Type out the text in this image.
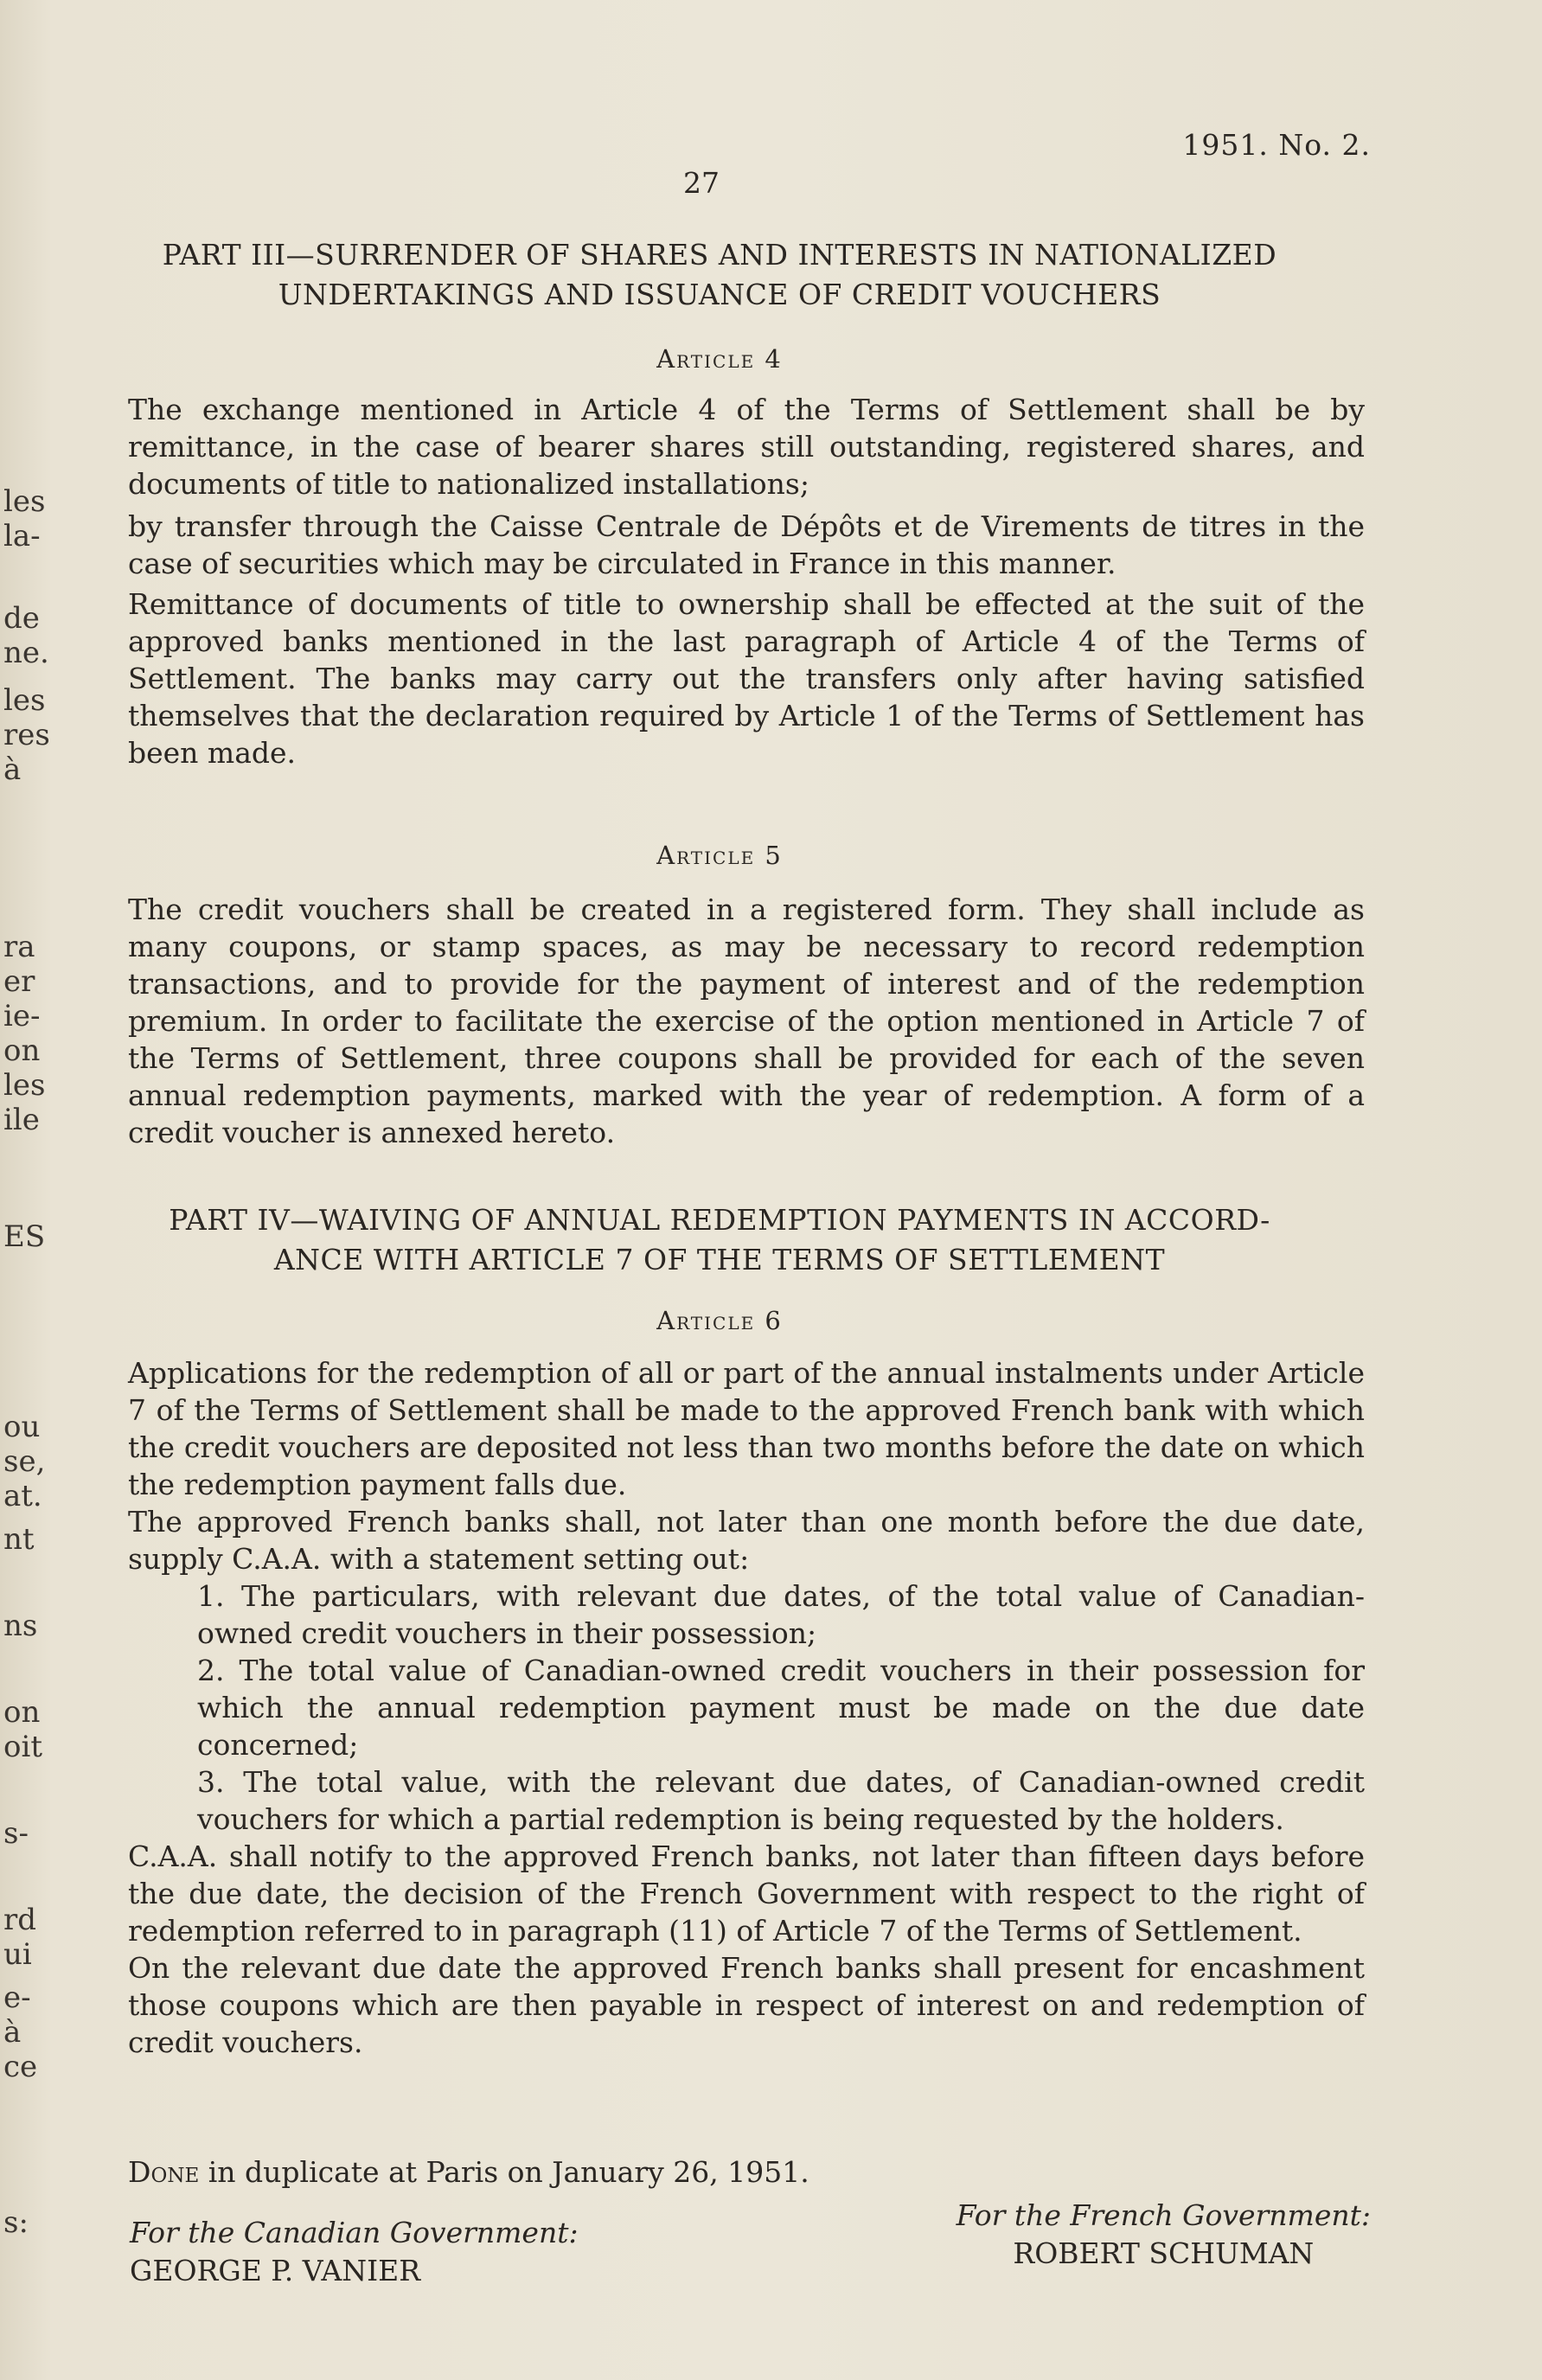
les
la-
de
ne.
les
res
à
ra
er
ie-
on
les
ile
ES
ou
se,
at.
nt
ns
on
oit
s-
rd
ui
e-
à
ce
s:
1951. No. 2.
27
PART III—SURRENDER OF SHARES AND INTERESTS IN NATIONALIZED
UNDERTAKINGS AND ISSUANCE OF CREDIT VOUCHERS
Article 4

The exchange mentioned in Article 4 of the Terms of Settlement shall be by remittance, in the case of bearer shares still outstanding, registered shares, and documents of title to nationalized installations;

by transfer through the Caisse Centrale de Dépôts et de Virements de titres in the case of securities which may be circulated in France in this manner.

Remittance of documents of title to ownership shall be effected at the suit of the approved banks mentioned in the last paragraph of Article 4 of the Terms of Settlement. The banks may carry out the transfers only after having satisfied themselves that the declaration required by Article 1 of the Terms of Settlement has been made.

Article 5

The credit vouchers shall be created in a registered form. They shall include as many coupons, or stamp spaces, as may be necessary to record redemption transactions, and to provide for the payment of interest and of the redemption premium. In order to facilitate the exercise of the option mentioned in Article 7 of the Terms of Settlement, three coupons shall be provided for each of the seven annual redemption payments, marked with the year of redemption. A form of a credit voucher is annexed hereto.

PART IV—WAIVING OF ANNUAL REDEMPTION PAYMENTS IN ACCORD-
ANCE WITH ARTICLE 7 OF THE TERMS OF SETTLEMENT
Article 6

Applications for the redemption of all or part of the annual instalments under Article 7 of the Terms of Settlement shall be made to the approved French bank with which the credit vouchers are deposited not less than two months before the date on which the redemption payment falls due.

The approved French banks shall, not later than one month before the due date, supply C.A.A. with a statement setting out:

1. The particulars, with relevant due dates, of the total value of Canadian-owned credit vouchers in their possession;

2. The total value of Canadian-owned credit vouchers in their possession for which the annual redemption payment must be made on the due date concerned;

3. The total value, with the relevant due dates, of Canadian-owned credit vouchers for which a partial redemption is being requested by the holders.

C.A.A. shall notify to the approved French banks, not later than fifteen days before the due date, the decision of the French Government with respect to the right of redemption referred to in paragraph (11) of Article 7 of the Terms of Settlement.

On the relevant due date the approved French banks shall present for encashment those coupons which are then payable in respect of interest on and redemption of credit vouchers.

Done in duplicate at Paris on January 26, 1951.
For the Canadian Government:
GEORGE P. VANIER
For the French Government:
ROBERT SCHUMAN
